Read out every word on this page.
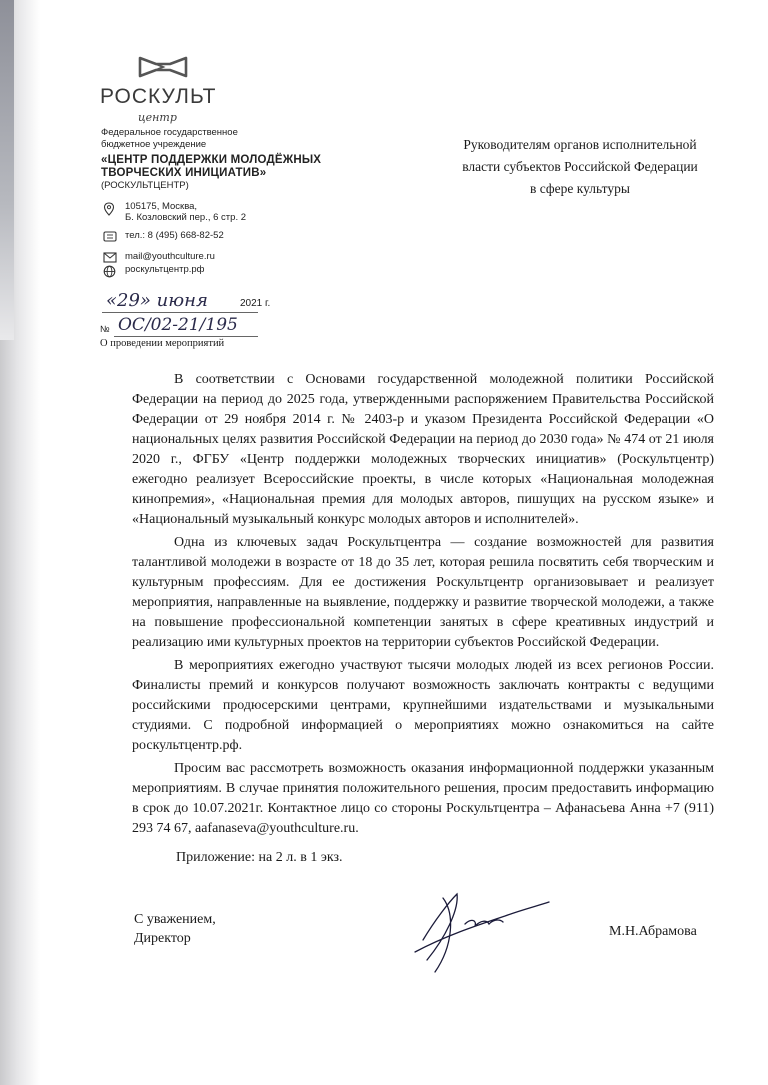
РОСКУЛЬТ
центр
Федеральное государственное
бюджетное учреждение
«ЦЕНТР ПОДДЕРЖКИ МОЛОДЁЖНЫХ
ТВОРЧЕСКИХ ИНИЦИАТИВ»
(РОСКУЛЬТЦЕНТР)
105175, Москва,
Б. Козловский пер., 6 стр. 2
тел.: 8 (495) 668-82-52
mail@youthculture.ru
роскультцентр.рф
Руководителям органов исполнительной
власти субъектов Российской Федерации
в сфере культуры
«29» июня	2021 г.
№ ОС/02-21/195
О проведении мероприятий

В соответствии с Основами государственной молодежной политики Российской Федерации на период до 2025 года, утвержденными распоряжением Правительства Российской Федерации от 29 ноября 2014 г. № 2403-р и указом Президента Российской Федерации «О национальных целях развития Российской Федерации на период до 2030 года» № 474 от 21 июля 2020 г., ФГБУ «Центр поддержки молодежных творческих инициатив» (Роскультцентр) ежегодно реализует Всероссийские проекты, в числе которых «Национальная молодежная кинопремия», «Национальная премия для молодых авторов, пишущих на русском языке» и «Национальный музыкальный конкурс молодых авторов и исполнителей».

Одна из ключевых задач Роскультцентра — создание возможностей для развития талантливой молодежи в возрасте от 18 до 35 лет, которая решила посвятить себя творческим и культурным профессиям. Для ее достижения Роскультцентр организовывает и реализует мероприятия, направленные на выявление, поддержку и развитие творческой молодежи, а также на повышение профессиональной компетенции занятых в сфере креативных индустрий и реализацию ими культурных проектов на территории субъектов Российской Федерации.

В мероприятиях ежегодно участвуют тысячи молодых людей из всех регионов России. Финалисты премий и конкурсов получают возможность заключать контракты с ведущими российскими продюсерскими центрами, крупнейшими издательствами и музыкальными студиями. С подробной информацией о мероприятиях можно ознакомиться на сайте роскультцентр.рф.

Просим вас рассмотреть возможность оказания информационной поддержки указанным мероприятиям. В случае принятия положительного решения, просим предоставить информацию в срок до 10.07.2021г. Контактное лицо со стороны Роскультцентра – Афанасьева Анна +7 (911) 293 74 67, aafanaseva@youthculture.ru.

Приложение: на 2 л. в 1 экз.
С уважением,
Директор	М.Н.Абрамова
